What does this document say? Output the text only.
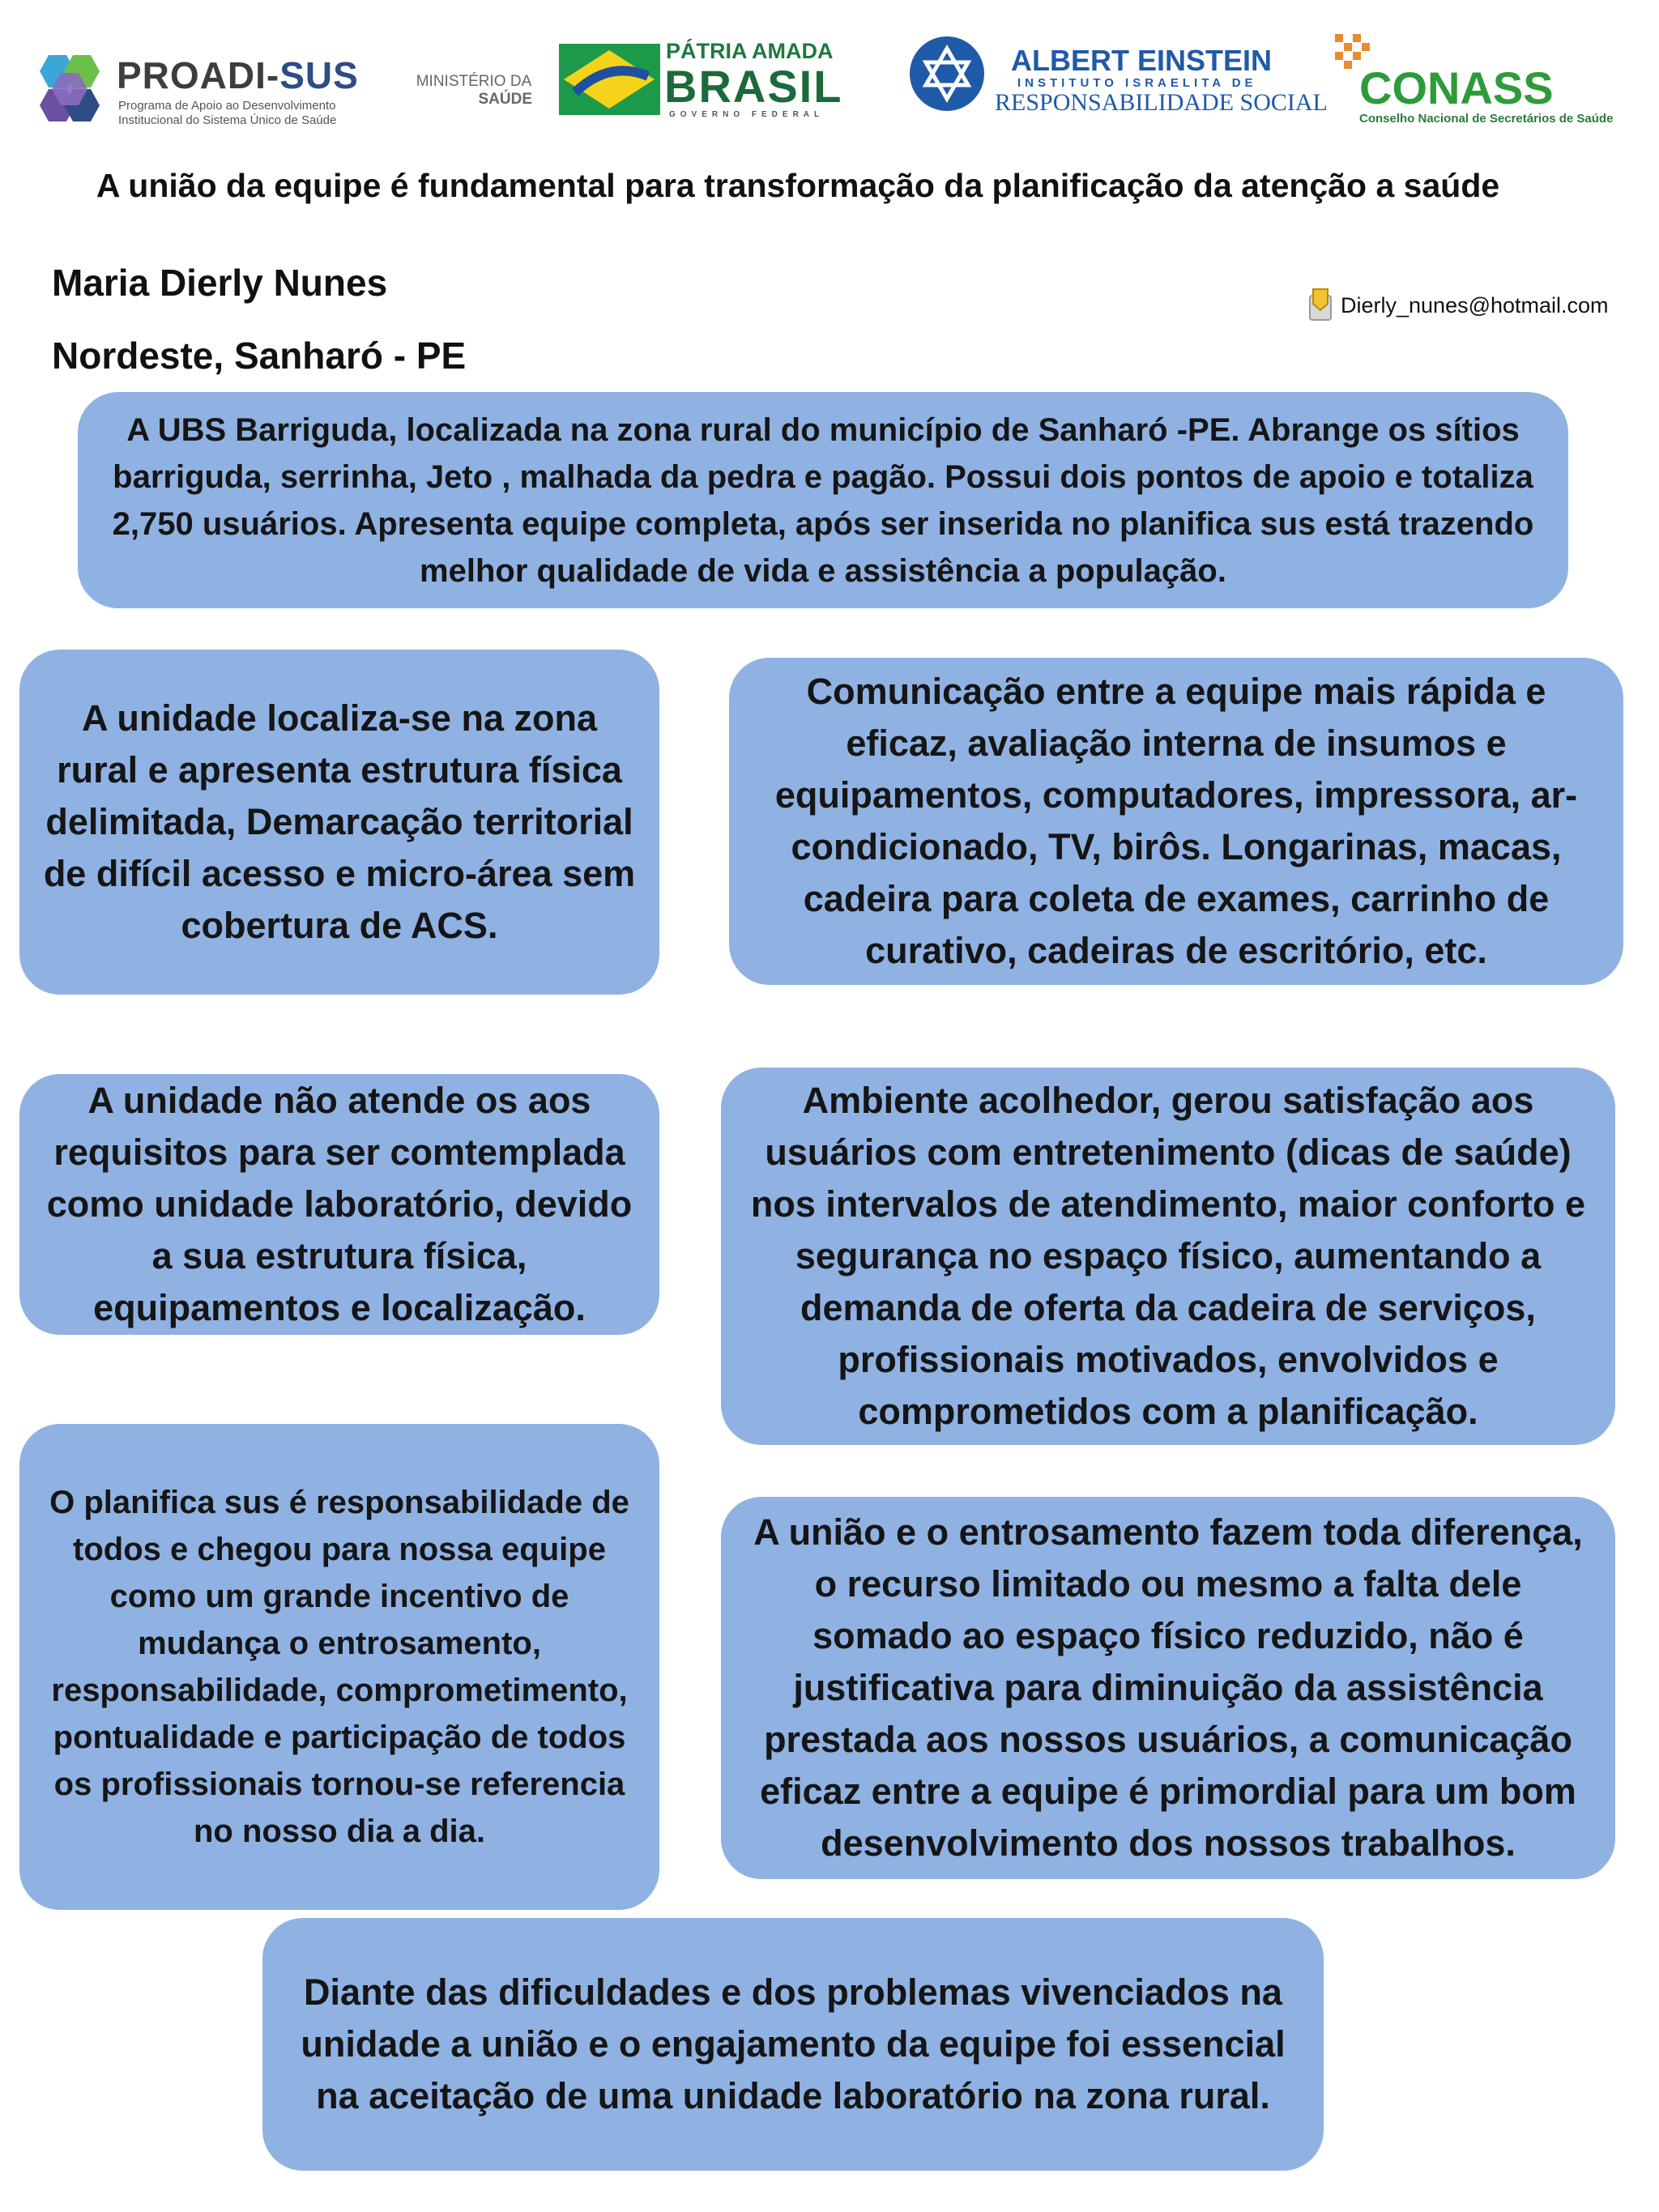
PROADI-SUS
Programa de Apoio ao Desenvolvimento
Institucional do Sistema Único de Saúde
MINISTÉRIO DA
SAÚDE
PÁTRIA AMADA
BRASIL
GOVERNO FEDERAL
ALBERT EINSTEIN
INSTITUTO ISRAELITA DE
RESPONSABILIDADE SOCIAL CONASS
Conselho Nacional de Secretários de Saúde
A união da equipe é fundamental para transformação da planificação da atenção a saúde
Maria Dierly Nunes
Nordeste, Sanharó - PE
Dierly_nunes@hotmail.com
A UBS Barriguda, localizada na zona rural do município de Sanharó -PE. Abrange os sítios barriguda, serrinha, Jeto , malhada da pedra e pagão. Possui dois pontos de apoio e totaliza 2,750 usuários. Apresenta equipe completa, após ser inserida no planifica sus está trazendo melhor qualidade de vida e assistência a população.
A unidade localiza-se na zona rural e apresenta estrutura física delimitada, Demarcação territorial de difícil acesso e micro-área sem cobertura de ACS.
Comunicação entre a equipe mais rápida e eficaz, avaliação interna de insumos e equipamentos, computadores, impressora, ar-condicionado, TV, birôs. Longarinas, macas, cadeira para coleta de exames, carrinho de curativo, cadeiras de escritório, etc.
A unidade não atende os aos requisitos para ser comtemplada como unidade laboratório, devido a sua estrutura física, equipamentos e localização.
Ambiente acolhedor, gerou satisfação aos usuários com entretenimento (dicas de saúde) nos intervalos de atendimento, maior conforto e segurança no espaço físico, aumentando a demanda de oferta da cadeira de serviços, profissionais motivados, envolvidos e comprometidos com a planificação.
O planifica sus é responsabilidade de todos e chegou para nossa equipe como um grande incentivo de mudança o entrosamento, responsabilidade, comprometimento, pontualidade e participação de todos os profissionais tornou-se referencia no nosso dia a dia.
A união e o entrosamento fazem toda diferença, o recurso limitado ou mesmo a falta dele somado ao espaço físico reduzido, não é justificativa para diminuição da assistência prestada aos nossos usuários, a comunicação eficaz entre a equipe é primordial para um bom desenvolvimento dos nossos trabalhos.
Diante das dificuldades e dos problemas vivenciados na unidade a união e o engajamento da equipe foi essencial na aceitação de uma unidade laboratório na zona rural.
